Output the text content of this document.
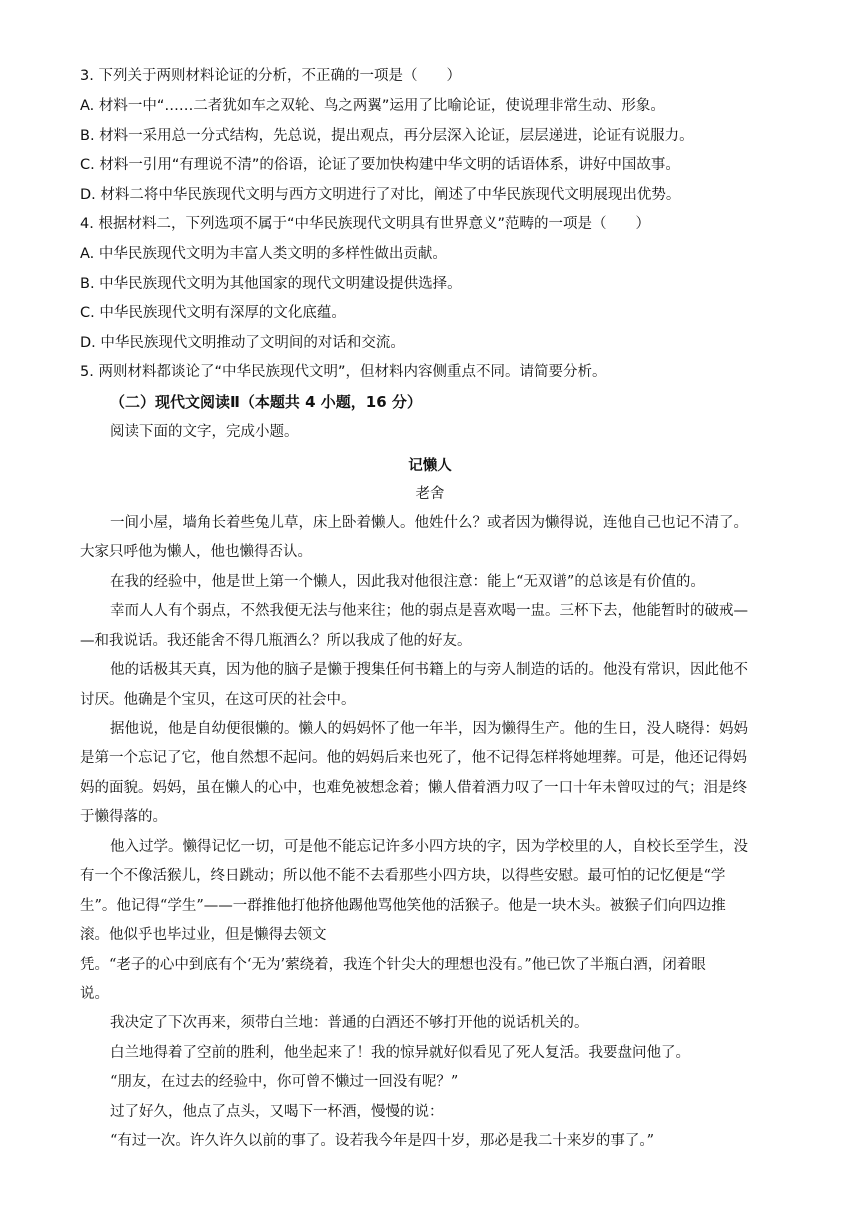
3. 下列关于两则材料论证的分析，不正确的一项是（　　）
A. 材料一中“……二者犹如车之双轮、鸟之两翼”运用了比喻论证，使说理非常生动、形象。
B. 材料一采用总一分式结构，先总说，提出观点，再分层深入论证，层层递进，论证有说服力。
C. 材料一引用“有理说不清”的俗语，论证了要加快构建中华文明的话语体系，讲好中国故事。
D. 材料二将中华民族现代文明与西方文明进行了对比，阐述了中华民族现代文明展现出优势。
4. 根据材料二，下列选项不属于“中华民族现代文明具有世界意义”范畴的一项是（　　）
A. 中华民族现代文明为丰富人类文明的多样性做出贡献。
B. 中华民族现代文明为其他国家的现代文明建设提供选择。
C. 中华民族现代文明有深厚的文化底蕴。
D. 中华民族现代文明推动了文明间的对话和交流。
5. 两则材料都谈论了“中华民族现代文明”，但材料内容侧重点不同。请简要分析。
（二）现代文阅读Ⅱ（本题共 4 小题，16 分）
阅读下面的文字，完成小题。
记懒人
老舍
一间小屋，墙角长着些兔儿草，床上卧着懒人。他姓什么？或者因为懒得说，连他自己也记不清了。
大家只呼他为懒人，他也懒得否认。
在我的经验中，他是世上第一个懒人，因此我对他很注意：能上“无双谱”的总该是有价值的。
幸而人人有个弱点，不然我便无法与他来往；他的弱点是喜欢喝一盅。三杯下去，他能暂时的破戒—
—和我说话。我还能舍不得几瓶酒么？所以我成了他的好友。
他的话极其天真，因为他的脑子是懒于搜集任何书籍上的与旁人制造的话的。他没有常识，因此他不
讨厌。他确是个宝贝，在这可厌的社会中。
据他说，他是自幼便很懒的。懒人的妈妈怀了他一年半，因为懒得生产。他的生日，没人晓得：妈妈
是第一个忘记了它，他自然想不起问。他的妈妈后来也死了，他不记得怎样将她埋葬。可是，他还记得妈
妈的面貌。妈妈，虽在懒人的心中，也难免被想念着；懒人借着酒力叹了一口十年未曾叹过的气；泪是终
于懒得落的。
他入过学。懒得记忆一切，可是他不能忘记许多小四方块的字，因为学校里的人，自校长至学生，没
有一个不像活猴儿，终日跳动；所以他不能不去看那些小四方块，以得些安慰。最可怕的记忆便是“学
生”。他记得“学生”——一群推他打他挤他踢他骂他笑他的活猴子。他是一块木头。被猴子们向四边推
滚。他似乎也毕过业，但是懒得去领文
凭。“老子的心中到底有个‘无为’萦绕着，我连个针尖大的理想也没有。”他已饮了半瓶白酒，闭着眼
说。
我决定了下次再来，须带白兰地：普通的白酒还不够打开他的说话机关的。
白兰地得着了空前的胜利，他坐起来了！我的惊异就好似看见了死人复活。我要盘问他了。
“朋友，在过去的经验中，你可曾不懒过一回没有呢？”
过了好久，他点了点头，又喝下一杯酒，慢慢的说：
“有过一次。许久许久以前的事了。设若我今年是四十岁，那必是我二十来岁的事了。”
